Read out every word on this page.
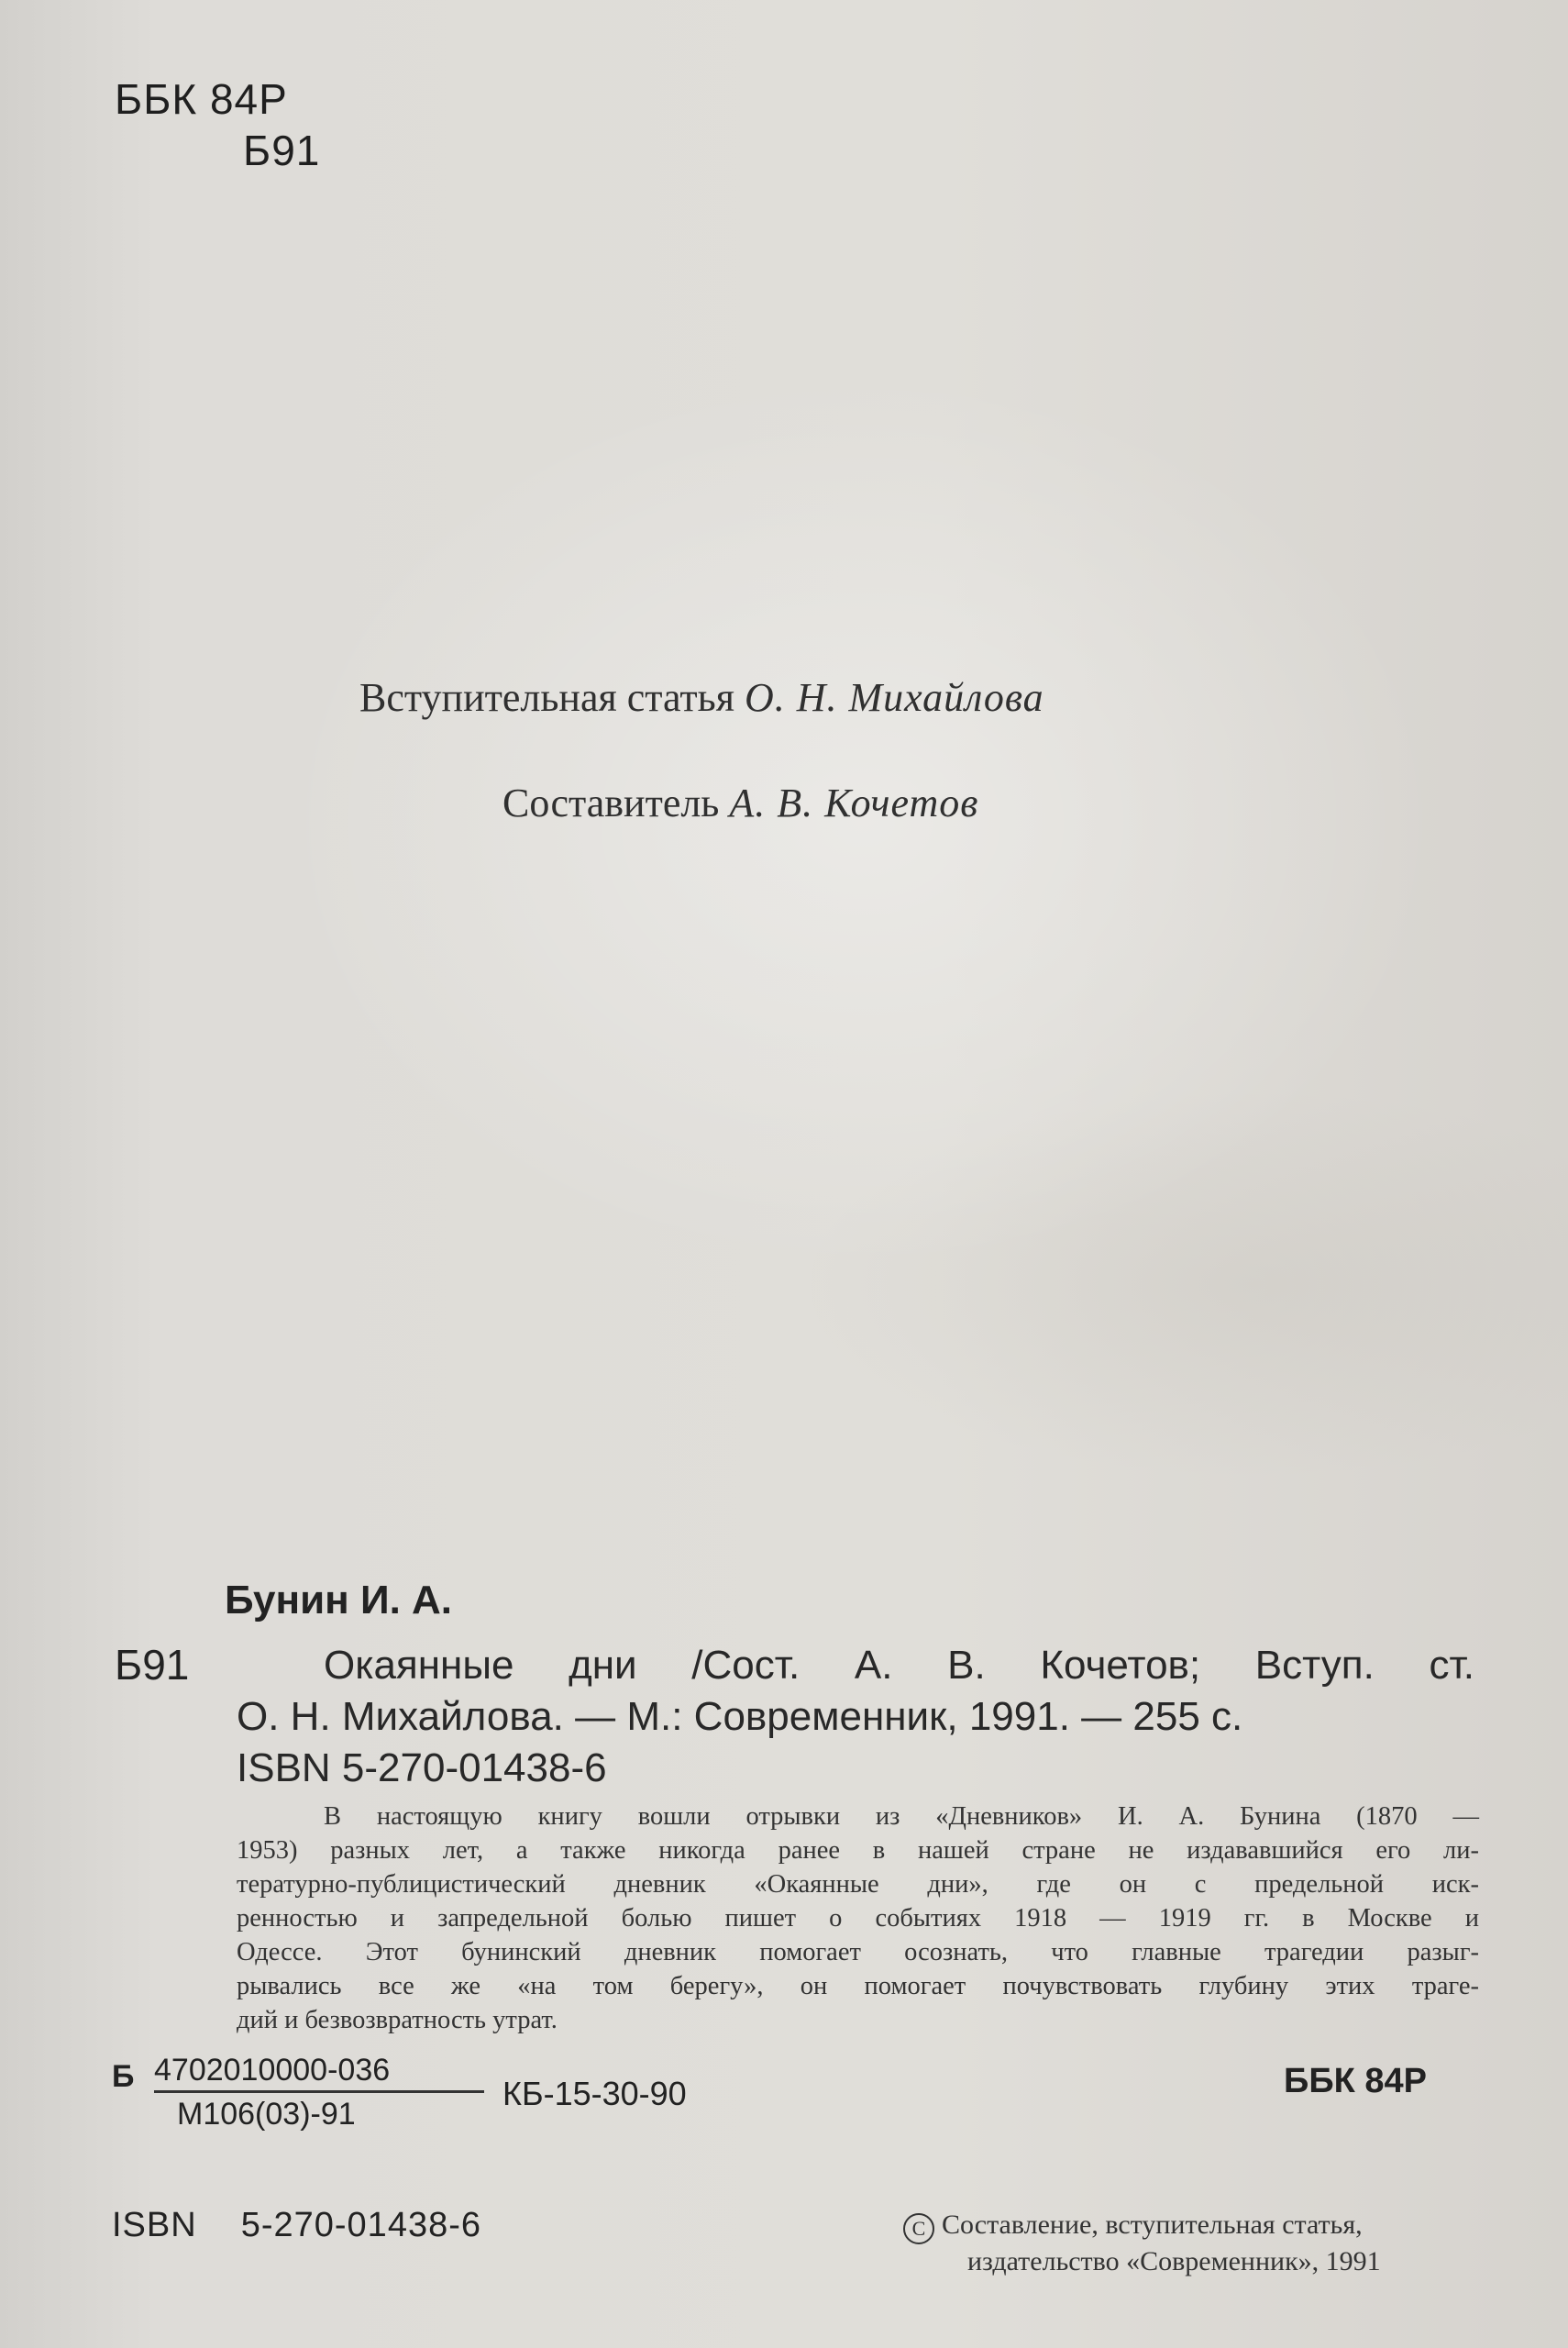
ББК 84Р
Б91
Вступительная статья О. Н. Михайлова
Составитель А. В. Кочетов
Бунин И. А.
Б91	Окаянные дни /Сост. А. В. Кочетов; Вступ. ст.
О. Н. Михайлова. — М.: Современник, 1991. — 255 с.
ISBN 5-270-01438-6
В настоящую книгу вошли отрывки из «Дневников» И. А. Бунина (1870 —
1953) разных лет, а также никогда ранее в нашей стране не издававшийся его ли-
тературно-публицистический дневник «Окаянные дни», где он с предельной иск-
ренностью и запредельной болью пишет о событиях 1918 — 1919 гг. в Москве и
Одессе. Этот бунинский дневник помогает осознать, что главные трагедии разыг-
рывались все же «на том берегу», он помогает почувствовать глубину этих траге-
дий и безвозвратность утрат.
Б 4702010000-036
М106(03)-91
КБ-15-30-90	ББК 84Р
ISBN 5-270-01438-6	C Составление, вступительная статья,
издательство «Современник», 1991
